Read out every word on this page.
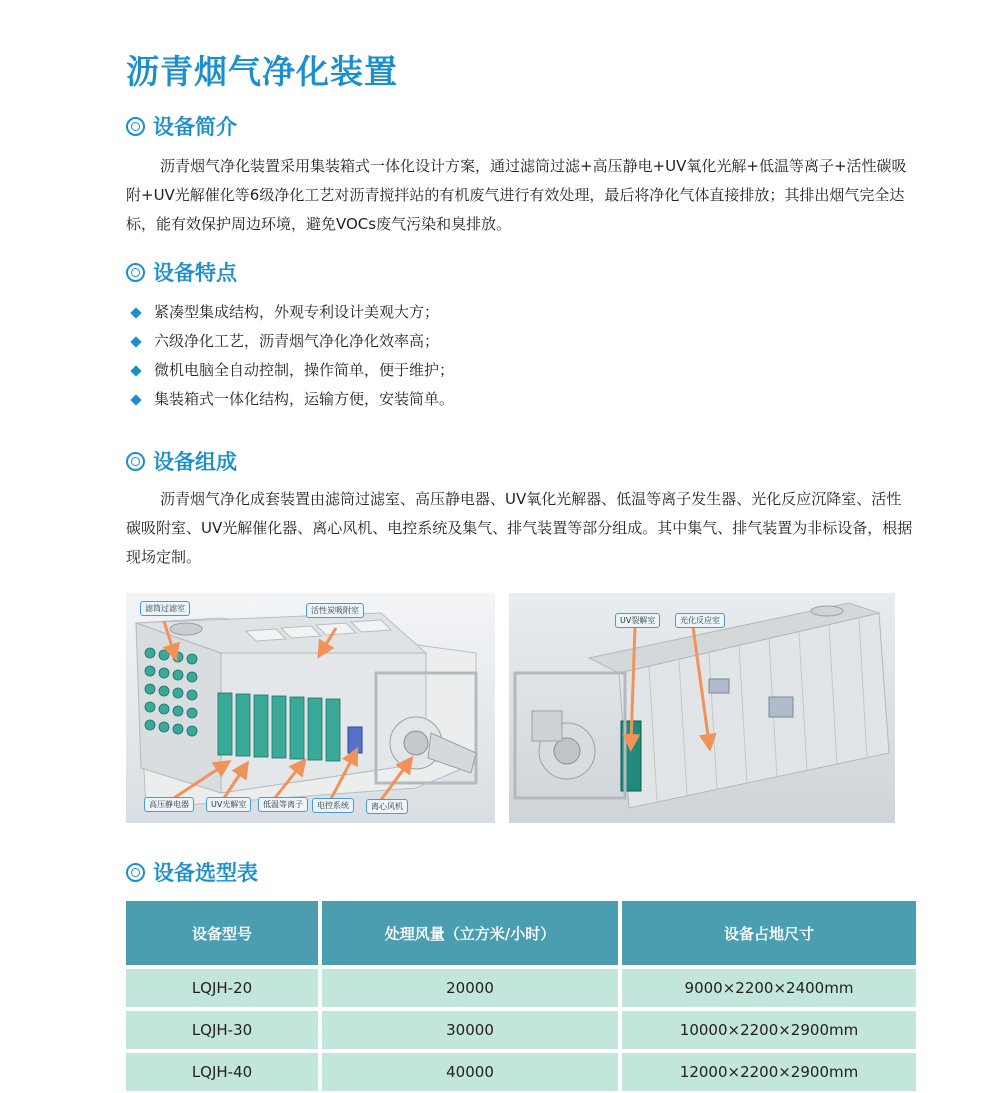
沥青烟气净化装置
设备简介

沥青烟气净化装置采用集装箱式一体化设计方案，通过滤筒过滤+高压静电+UV氧化光解+低温等离子+活性碳吸附+UV光解催化等6级净化工艺对沥青搅拌站的有机废气进行有效处理，最后将净化气体直接排放；其排出烟气完全达标，能有效保护周边环境，避免VOCs废气污染和臭排放。

设备特点
紧凑型集成结构，外观专利设计美观大方；
六级净化工艺，沥青烟气净化净化效率高；
微机电脑全自动控制，操作简单，便于维护；
集装箱式一体化结构，运输方便，安装简单。
设备组成

沥青烟气净化成套装置由滤筒过滤室、高压静电器、UV氧化光解器、低温等离子发生器、光化反应沉降室、活性碳吸附室、UV光解催化器、离心风机、电控系统及集气、排气装置等部分组成。其中集气、排气装置为非标设备，根据现场定制。

滤筒过滤室	活性炭吸附室
高压静电器	UV光解室	低温等离子	电控系统	离心风机
UV裂解室	光化反应室
设备选型表
设备型号	处理风量（立方米/小时）	设备占地尺寸
LQJH-20	20000	9000×2200×2400mm
LQJH-30	30000	10000×2200×2900mm
LQJH-40	40000	12000×2200×2900mm
